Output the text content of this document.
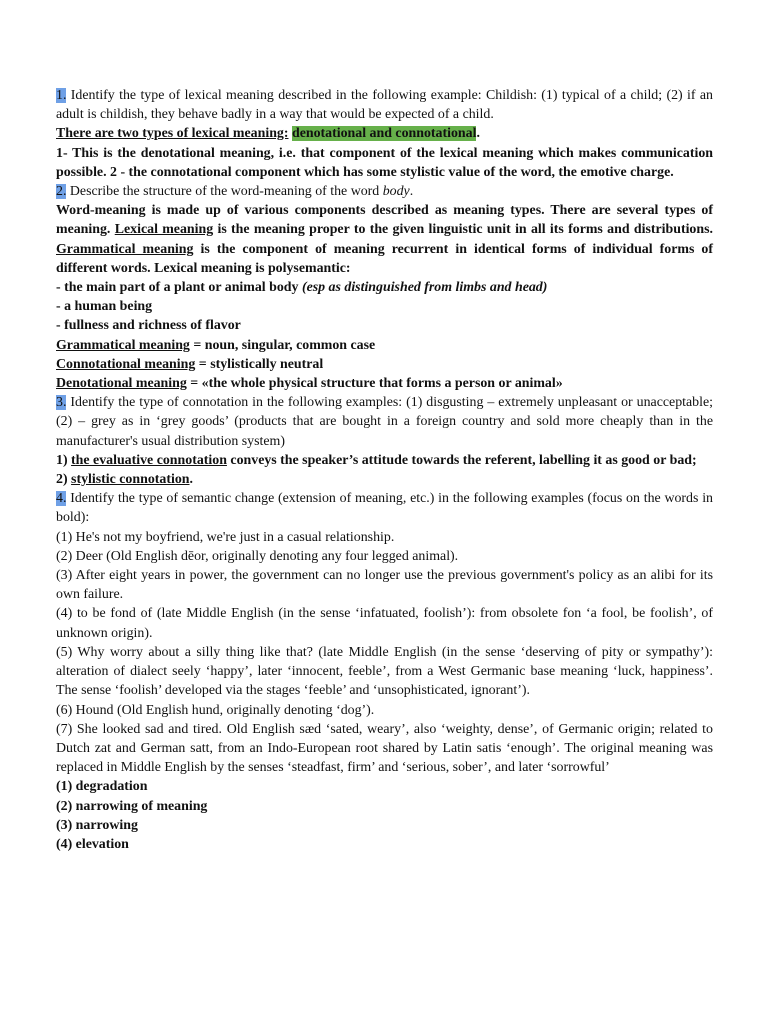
1. Identify the type of lexical meaning described in the following example: Childish: (1) typical of a child; (2) if an adult is childish, they behave badly in a way that would be expected of a child.

There are two types of lexical meaning: denotational and connotational.

1- This is the denotational meaning, i.e. that component of the lexical meaning which makes communication possible. 2 - the connotational component which has some stylistic value of the word, the emotive charge.

2. Describe the structure of the word-meaning of the word body.

Word-meaning is made up of various components described as meaning types. There are several types of meaning. Lexical meaning is the meaning proper to the given linguistic unit in all its forms and distributions. Grammatical meaning is the component of meaning recurrent in identical forms of individual forms of different words. Lexical meaning is polysemantic:

- the main part of a plant or animal body (esp as distinguished from limbs and head)

- a human being

- fullness and richness of flavor

Grammatical meaning = noun, singular, common case

Connotational meaning = stylistically neutral

Denotational meaning = «the whole physical structure that forms a person or animal»

3. Identify the type of connotation in the following examples: (1) disgusting – extremely unpleasant or unacceptable; (2) – grey as in ‘grey goods’ (products that are bought in a foreign country and sold more cheaply than in the manufacturer's usual distribution system)

1) the evaluative connotation conveys the speaker’s attitude towards the referent, labelling it as good or bad;

2) stylistic connotation.

4. Identify the type of semantic change (extension of meaning, etc.) in the following examples (focus on the words in bold):

(1) He's not my boyfriend, we're just in a casual relationship.

(2) Deer (Old English dēor, originally denoting any four legged animal).

(3) After eight years in power, the government can no longer use the previous government's policy as an alibi for its own failure.

(4) to be fond of (late Middle English (in the sense ‘infatuated, foolish’): from obsolete fon ‘a fool, be foolish’, of unknown origin).

(5) Why worry about a silly thing like that? (late Middle English (in the sense ‘deserving of pity or sympathy’): alteration of dialect seely ‘happy’, later ‘innocent, feeble’, from a West Germanic base meaning ‘luck, happiness’. The sense ‘foolish’ developed via the stages ‘feeble’ and ‘unsophisticated, ignorant’).

(6) Hound (Old English hund, originally denoting ‘dog’).

(7) She looked sad and tired. Old English sæd ‘sated, weary’, also ‘weighty, dense’, of Germanic origin; related to Dutch zat and German satt, from an Indo-European root shared by Latin satis ‘enough’. The original meaning was replaced in Middle English by the senses ‘steadfast, firm’ and ‘serious, sober’, and later ‘sorrowful’

(1) degradation

(2) narrowing of meaning

(3) narrowing

(4) elevation
